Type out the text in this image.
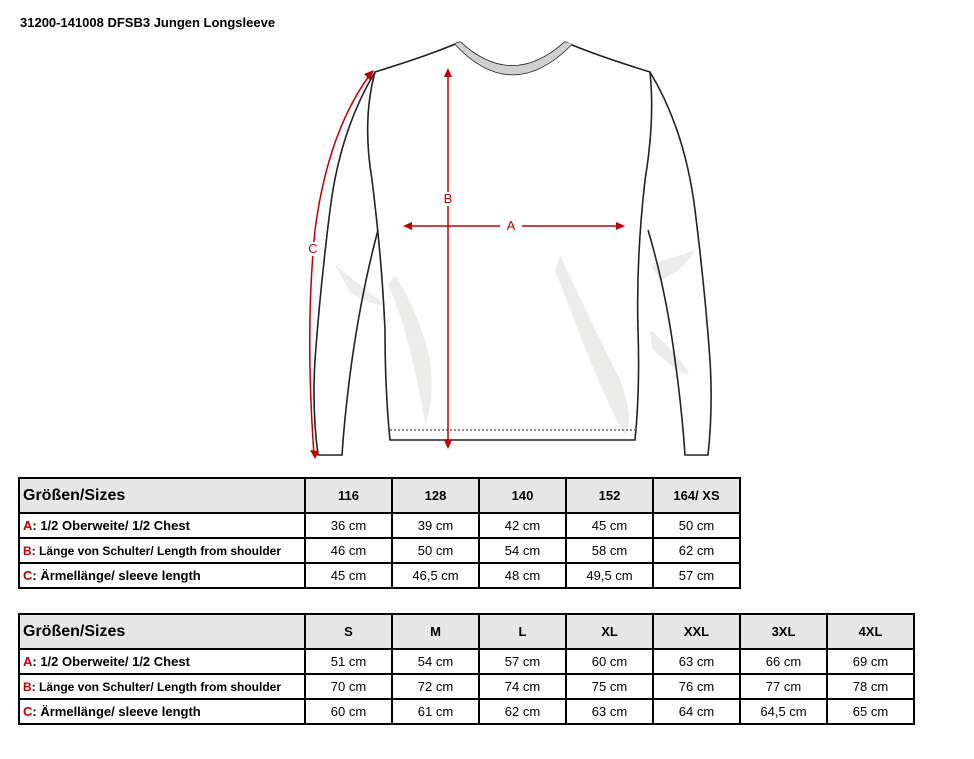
31200-141008 DFSB3 Jungen Longsleeve
A
B
C
Größen/Sizes	116	128	140	152	164/ XS
A: 1/2 Oberweite/ 1/2 Chest	36 cm	39 cm	42 cm	45 cm	50 cm
B: Länge von Schulter/ Length from shoulder	46 cm	50 cm	54 cm	58 cm	62 cm
C: Ärmellänge/ sleeve length	45 cm	46,5 cm	48 cm	49,5 cm	57 cm
Größen/Sizes	S	M	L	XL	XXL	3XL	4XL
A: 1/2 Oberweite/ 1/2 Chest	51 cm	54 cm	57 cm	60 cm	63 cm	66 cm	69 cm
B: Länge von Schulter/ Length from shoulder	70 cm	72 cm	74 cm	75 cm	76 cm	77 cm	78 cm
C: Ärmellänge/ sleeve length	60 cm	61 cm	62 cm	63 cm	64 cm	64,5 cm	65 cm
